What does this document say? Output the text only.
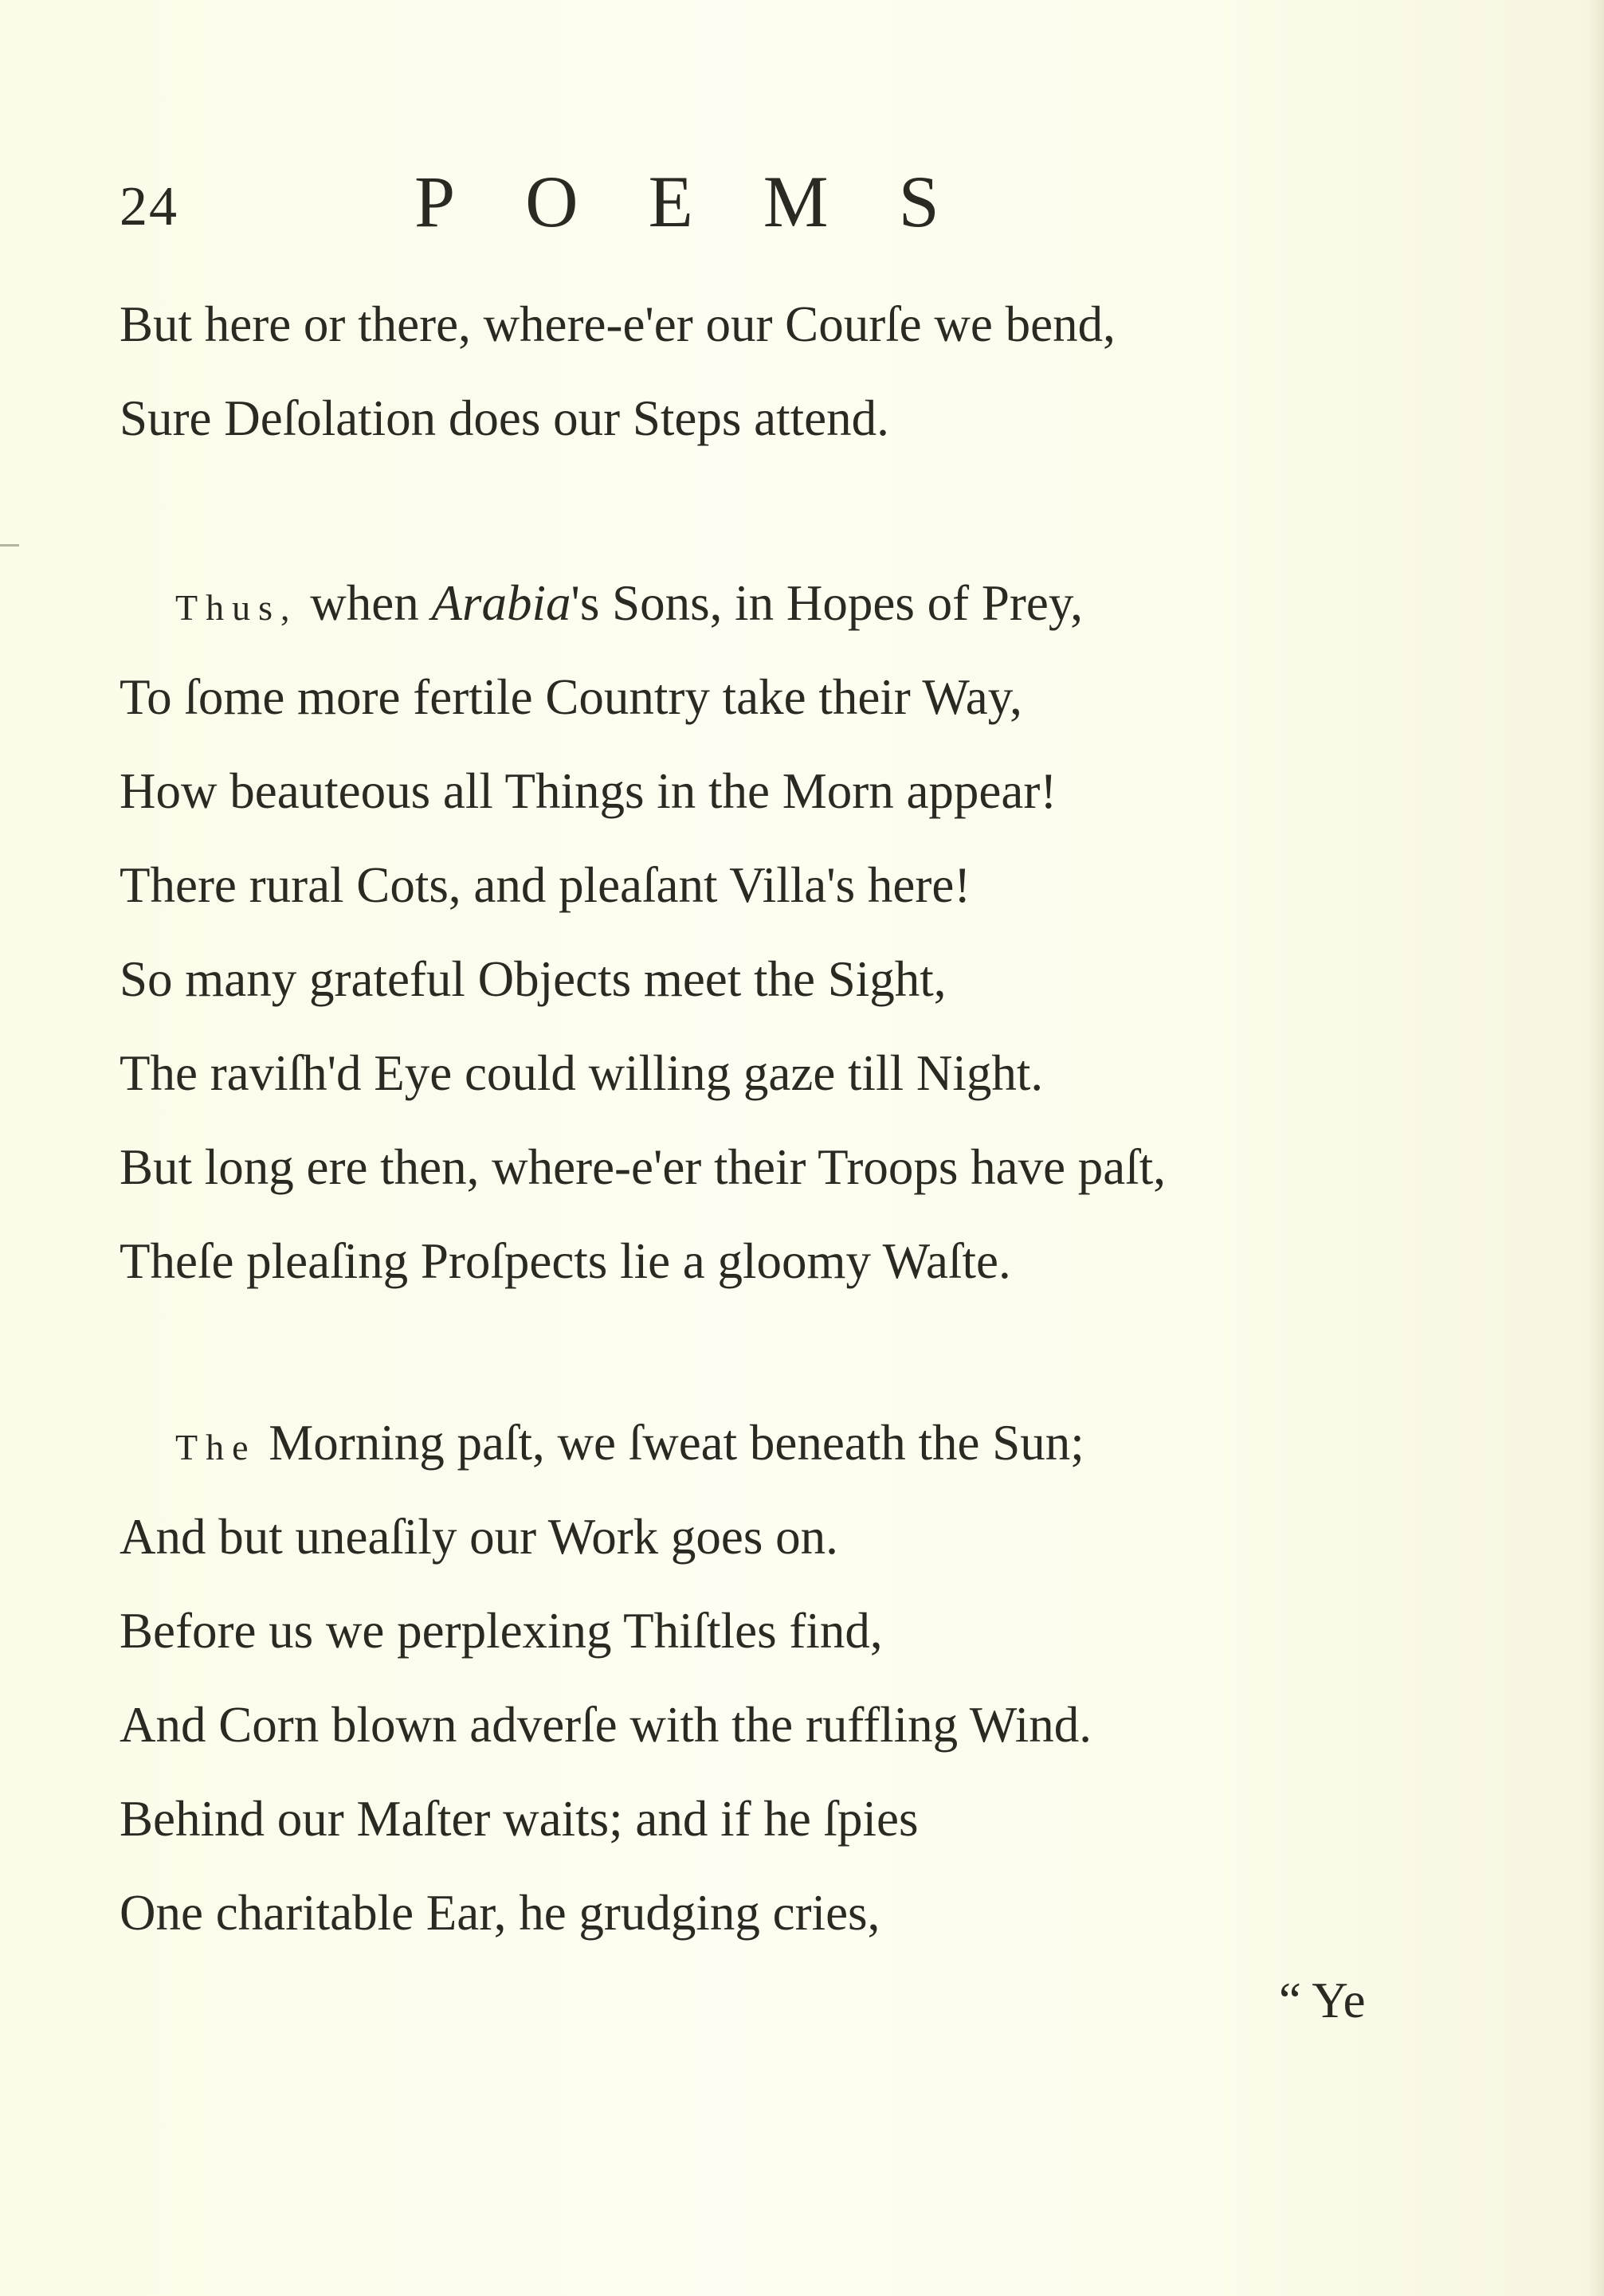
24	POEMS
But here or there, where-e'er our Courſe we bend,
Sure Deſolation does our Steps attend.
Thus, when Arabia's Sons, in Hopes of Prey,
To ſome more fertile Country take their Way,
How beauteous all Things in the Morn appear!
There rural Cots, and pleaſant Villa's here!
So many grateful Objects meet the Sight,
The raviſh'd Eye could willing gaze till Night.
But long ere then, where-e'er their Troops have paſt,
Theſe pleaſing Proſpects lie a gloomy Waſte.
The Morning paſt, we ſweat beneath the Sun;
And but uneaſily our Work goes on.
Before us we perplexing Thiſtles find,
And Corn blown adverſe with the ruffling Wind.
Behind our Maſter waits; and if he ſpies
One charitable Ear, he grudging cries,
“ Ye
